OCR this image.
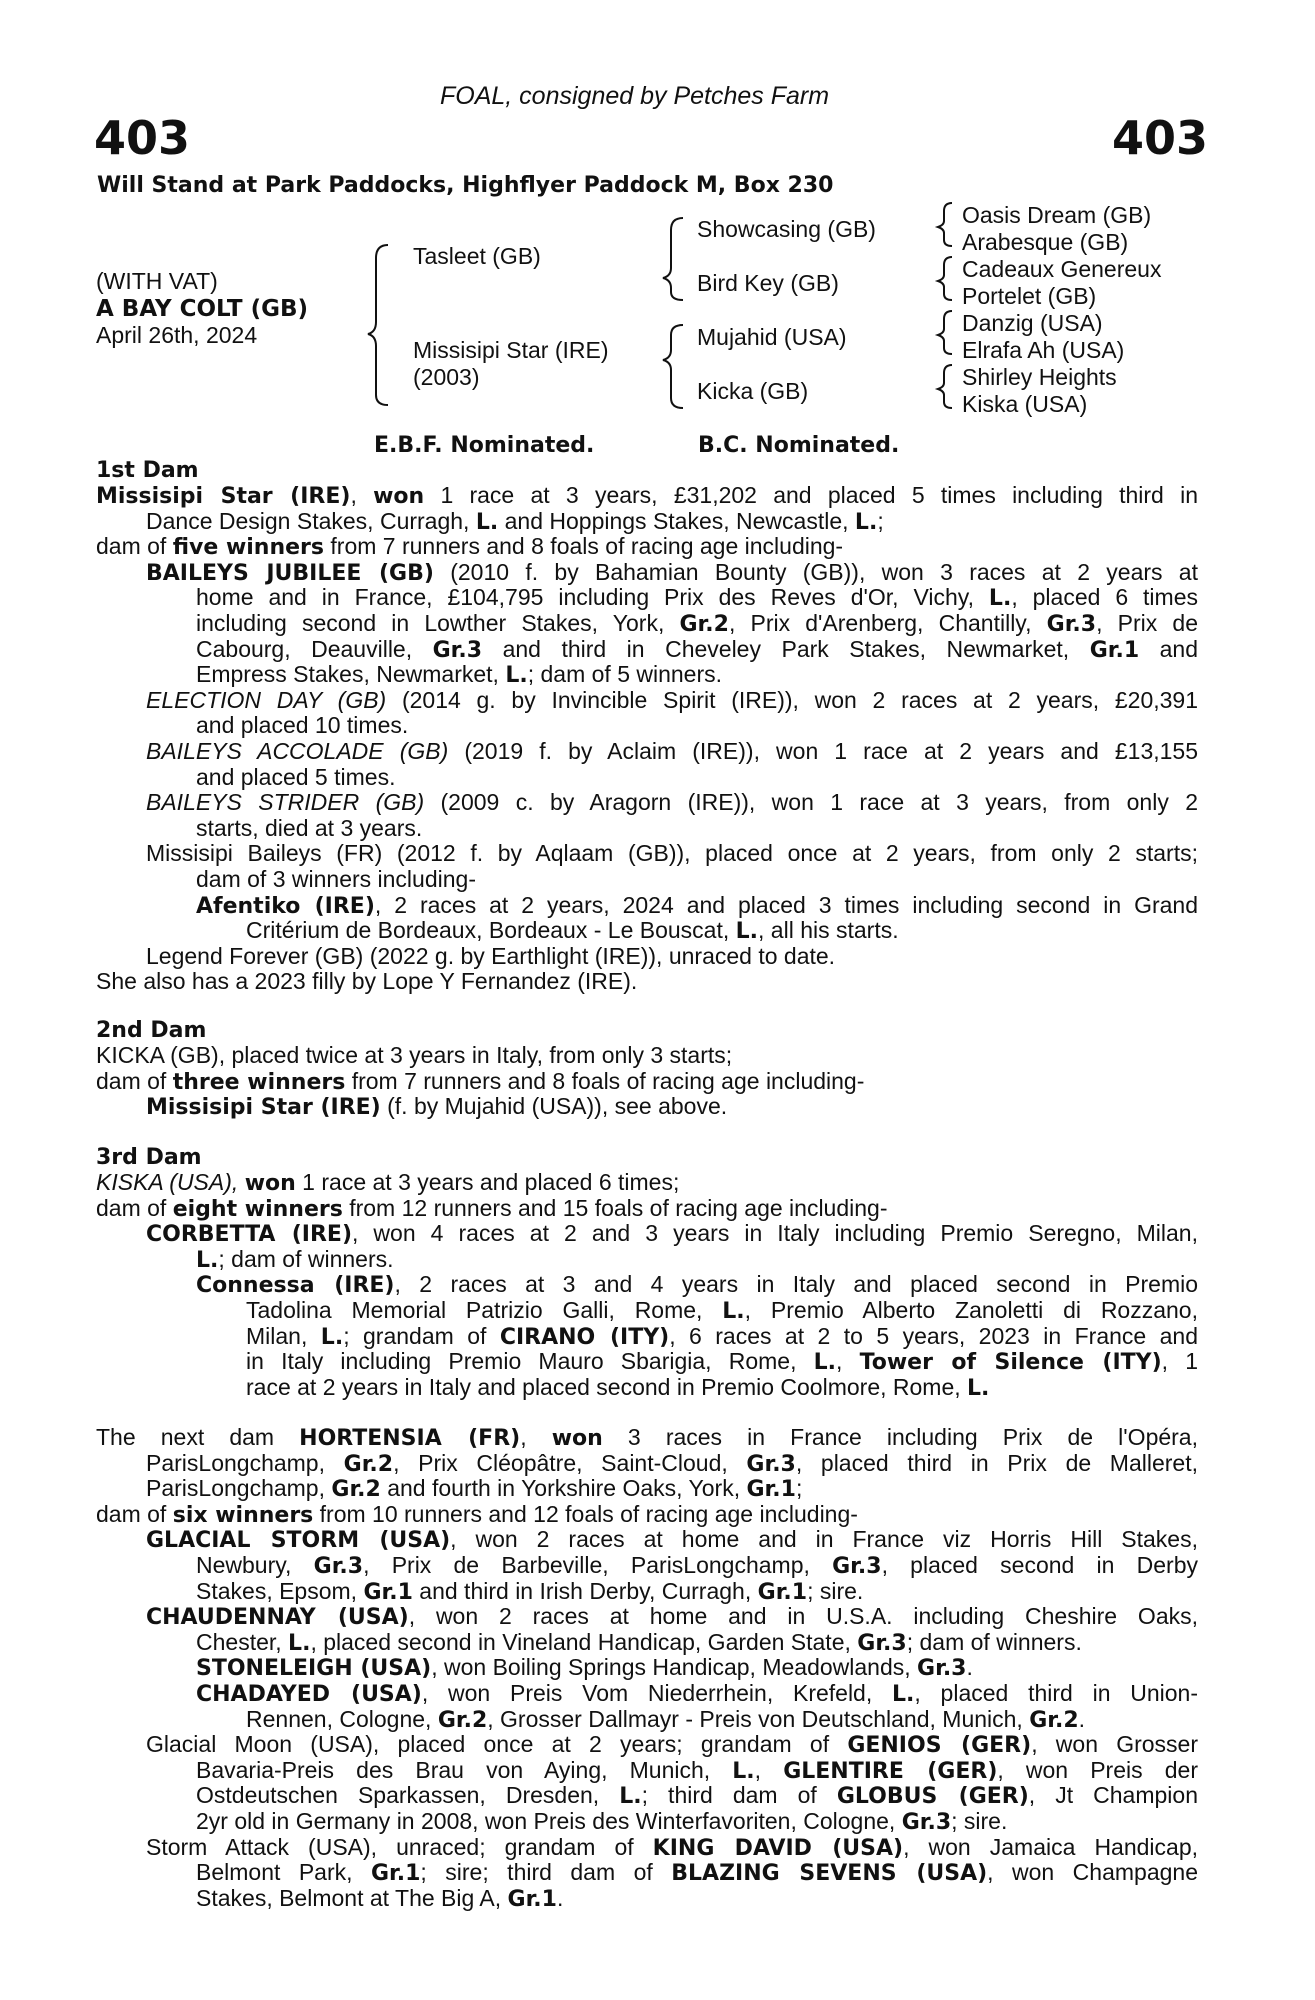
FOAL, consigned by Petches Farm
403	403
Will Stand at Park Paddocks, Highflyer Paddock M, Box 230
(WITH VAT)
A BAY COLT (GB)
April 26th, 2024
Tasleet (GB)
Missisipi Star (IRE)
(2003)
Showcasing (GB)
Bird Key (GB)
Mujahid (USA)
Kicka (GB)
Oasis Dream (GB)
Arabesque (GB)
Cadeaux Genereux
Portelet (GB)
Danzig (USA)
Elrafa Ah (USA)
Shirley Heights
Kiska (USA)
E.B.F. Nominated.	B.C. Nominated.
1st Dam
Missisipi Star (IRE), won 1 race at 3 years, £31,202 and placed 5 times including third in
Dance Design Stakes, Curragh, L. and Hoppings Stakes, Newcastle, L.;
dam of five winners from 7 runners and 8 foals of racing age including-
BAILEYS JUBILEE (GB) (2010 f. by Bahamian Bounty (GB)), won 3 races at 2 years at
home and in France, £104,795 including Prix des Reves d'Or, Vichy, L., placed 6 times
including second in Lowther Stakes, York, Gr.2, Prix d'Arenberg, Chantilly, Gr.3, Prix de
Cabourg, Deauville, Gr.3 and third in Cheveley Park Stakes, Newmarket, Gr.1 and
Empress Stakes, Newmarket, L.; dam of 5 winners.
ELECTION DAY (GB) (2014 g. by Invincible Spirit (IRE)), won 2 races at 2 years, £20,391
and placed 10 times.
BAILEYS ACCOLADE (GB) (2019 f. by Aclaim (IRE)), won 1 race at 2 years and £13,155
and placed 5 times.
BAILEYS STRIDER (GB) (2009 c. by Aragorn (IRE)), won 1 race at 3 years, from only 2
starts, died at 3 years.
Missisipi Baileys (FR) (2012 f. by Aqlaam (GB)), placed once at 2 years, from only 2 starts;
dam of 3 winners including-
Afentiko (IRE), 2 races at 2 years, 2024 and placed 3 times including second in Grand
Critérium de Bordeaux, Bordeaux - Le Bouscat, L., all his starts.
Legend Forever (GB) (2022 g. by Earthlight (IRE)), unraced to date.
She also has a 2023 filly by Lope Y Fernandez (IRE).
2nd Dam
KICKA (GB), placed twice at 3 years in Italy, from only 3 starts;
dam of three winners from 7 runners and 8 foals of racing age including-
Missisipi Star (IRE) (f. by Mujahid (USA)), see above.
3rd Dam
KISKA (USA), won 1 race at 3 years and placed 6 times;
dam of eight winners from 12 runners and 15 foals of racing age including-
CORBETTA (IRE), won 4 races at 2 and 3 years in Italy including Premio Seregno, Milan,
L.; dam of winners.
Connessa (IRE), 2 races at 3 and 4 years in Italy and placed second in Premio
Tadolina Memorial Patrizio Galli, Rome, L., Premio Alberto Zanoletti di Rozzano,
Milan, L.; grandam of CIRANO (ITY), 6 races at 2 to 5 years, 2023 in France and
in Italy including Premio Mauro Sbarigia, Rome, L., Tower of Silence (ITY), 1
race at 2 years in Italy and placed second in Premio Coolmore, Rome, L.
The next dam HORTENSIA (FR), won 3 races in France including Prix de l'Opéra,
ParisLongchamp, Gr.2, Prix Cléopâtre, Saint-Cloud, Gr.3, placed third in Prix de Malleret,
ParisLongchamp, Gr.2 and fourth in Yorkshire Oaks, York, Gr.1;
dam of six winners from 10 runners and 12 foals of racing age including-
GLACIAL STORM (USA), won 2 races at home and in France viz Horris Hill Stakes,
Newbury, Gr.3, Prix de Barbeville, ParisLongchamp, Gr.3, placed second in Derby
Stakes, Epsom, Gr.1 and third in Irish Derby, Curragh, Gr.1; sire.
CHAUDENNAY (USA), won 2 races at home and in U.S.A. including Cheshire Oaks,
Chester, L., placed second in Vineland Handicap, Garden State, Gr.3; dam of winners.
STONELEIGH (USA), won Boiling Springs Handicap, Meadowlands, Gr.3.
CHADAYED (USA), won Preis Vom Niederrhein, Krefeld, L., placed third in Union-
Rennen, Cologne, Gr.2, Grosser Dallmayr - Preis von Deutschland, Munich, Gr.2.
Glacial Moon (USA), placed once at 2 years; grandam of GENIOS (GER), won Grosser
Bavaria-Preis des Brau von Aying, Munich, L., GLENTIRE (GER), won Preis der
Ostdeutschen Sparkassen, Dresden, L.; third dam of GLOBUS (GER), Jt Champion
2yr old in Germany in 2008, won Preis des Winterfavoriten, Cologne, Gr.3; sire.
Storm Attack (USA), unraced; grandam of KING DAVID (USA), won Jamaica Handicap,
Belmont Park, Gr.1; sire; third dam of BLAZING SEVENS (USA), won Champagne
Stakes, Belmont at The Big A, Gr.1.
